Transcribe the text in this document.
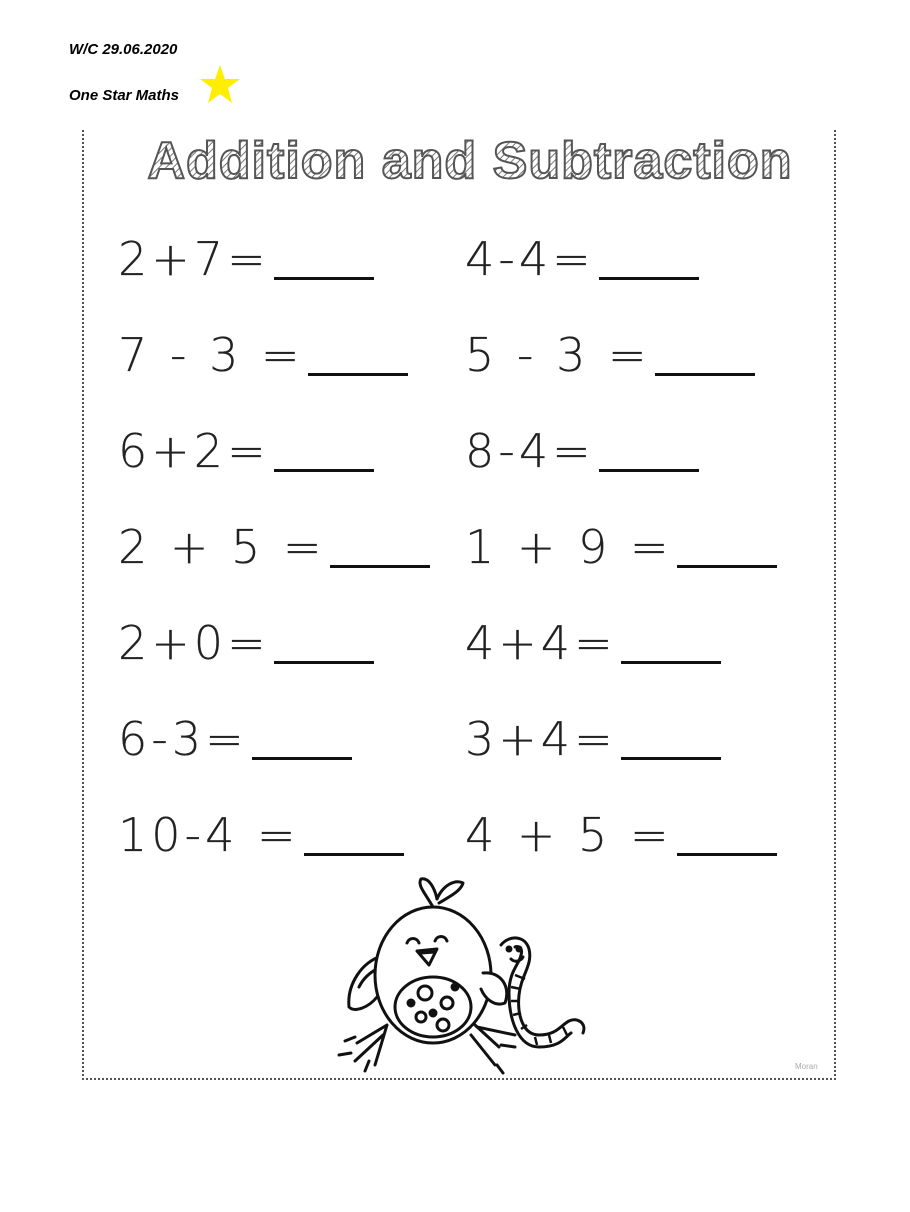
W/C 29.06.2020
One Star Maths
Addition and Subtraction
2+7=
7 - 3 =
6+2=
2 + 5 =
2+0=
6-3=
10-4 =
4-4=
5 - 3 =
8-4=
1 + 9 =
4+4=
3+4=
4 + 5 =
Moran
